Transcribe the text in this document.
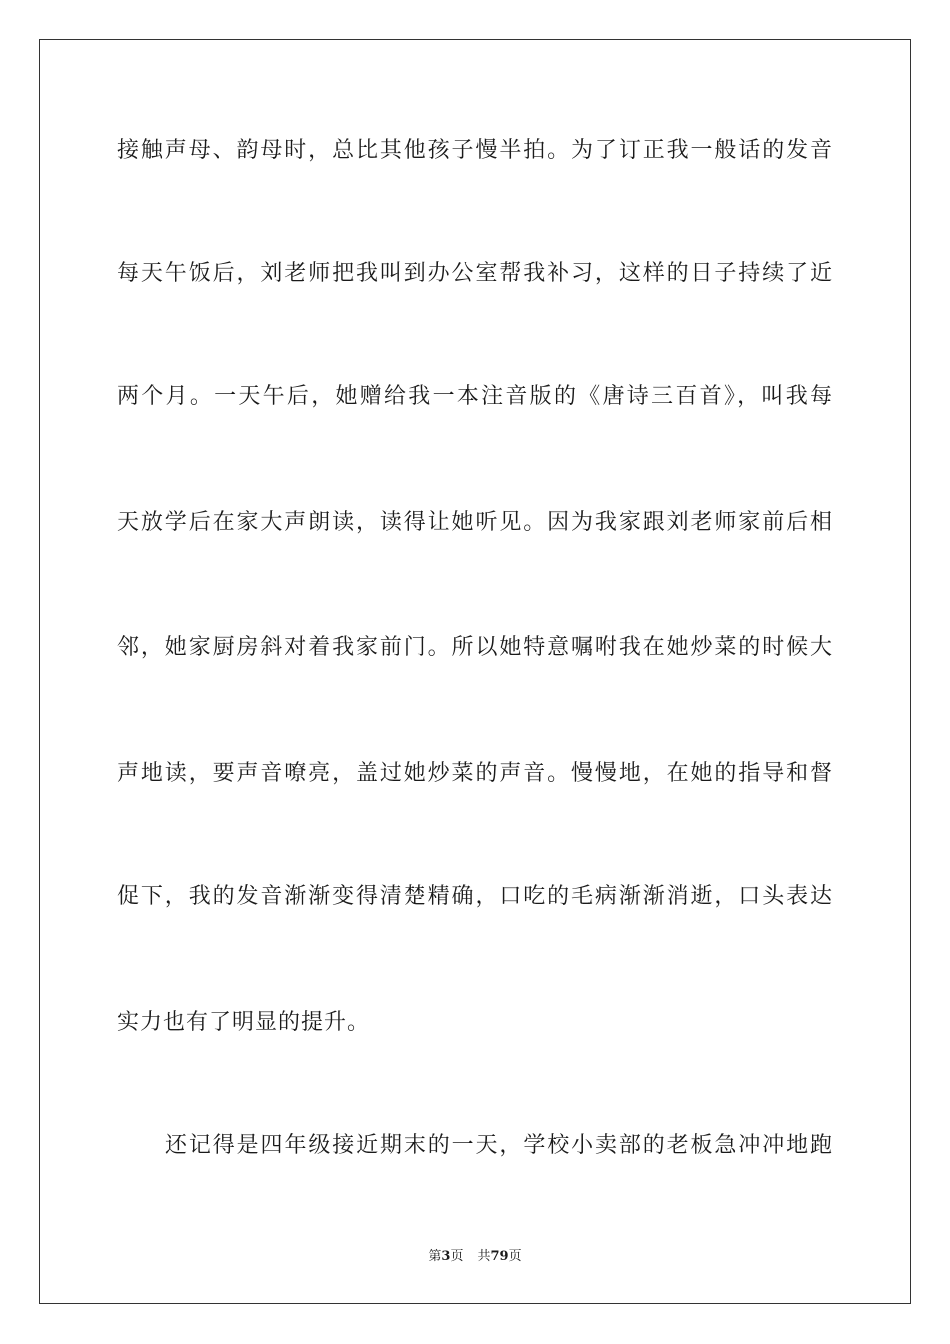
接触声母、韵母时，总比其他孩子慢半拍。为了订正我一般话的发音
每天午饭后，刘老师把我叫到办公室帮我补习，这样的日子持续了近
两个月。一天午后，她赠给我一本注音版的《唐诗三百首》，叫我每
天放学后在家大声朗读，读得让她听见。因为我家跟刘老师家前后相
邻，她家厨房斜对着我家前门。所以她特意嘱咐我在她炒菜的时候大
声地读，要声音嘹亮，盖过她炒菜的声音。慢慢地，在她的指导和督
促下，我的发音渐渐变得清楚精确，口吃的毛病渐渐消逝，口头表达
实力也有了明显的提升。
还记得是四年级接近期末的一天，学校小卖部的老板急冲冲地跑
第3页 共79页
